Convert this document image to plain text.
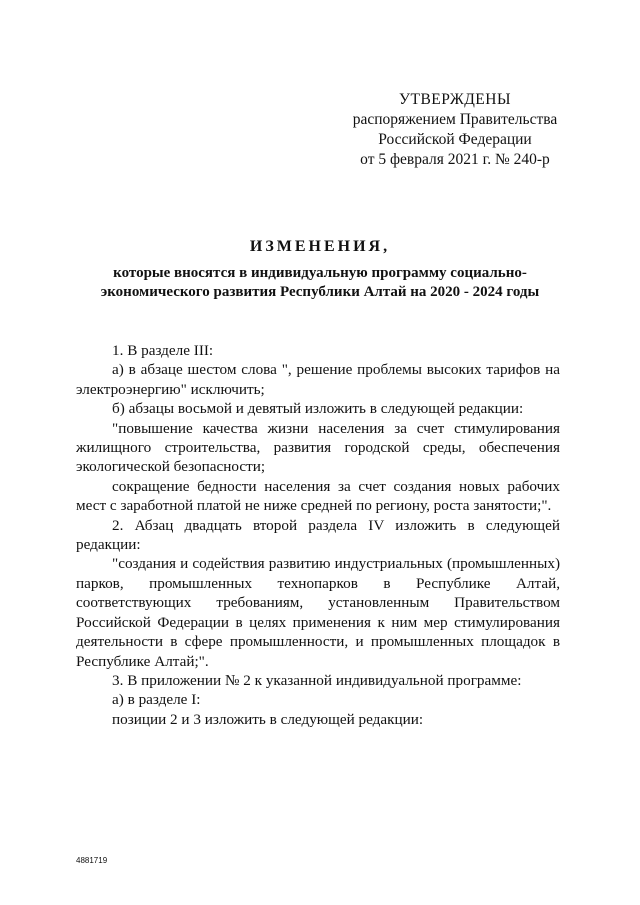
УТВЕРЖДЕНЫ
распоряжением Правительства
Российской Федерации
от 5 февраля 2021 г. № 240-р
ИЗМЕНЕНИЯ,
которые вносятся в индивидуальную программу социально-
экономического развития Республики Алтай на 2020 - 2024 годы

1. В разделе III:

а) в абзаце шестом слова ", решение проблемы высоких тарифов на электроэнергию" исключить;

б) абзацы восьмой и девятый изложить в следующей редакции:

"повышение качества жизни населения за счет стимулирования жилищного строительства, развития городской среды, обеспечения экологической безопасности;

сокращение бедности населения за счет создания новых рабочих мест с заработной платой не ниже средней по региону, роста занятости;".

2. Абзац двадцать второй раздела IV изложить в следующей редакции:

"создания и содействия развитию индустриальных (промышленных) парков, промышленных технопарков в Республике Алтай, соответствующих требованиям, установленным Правительством Российской Федерации в целях применения к ним мер стимулирования деятельности в сфере промышленности, и промышленных площадок в Республике Алтай;".

3. В приложении № 2 к указанной индивидуальной программе:

а) в разделе I:

позиции 2 и 3 изложить в следующей редакции:

4881719
